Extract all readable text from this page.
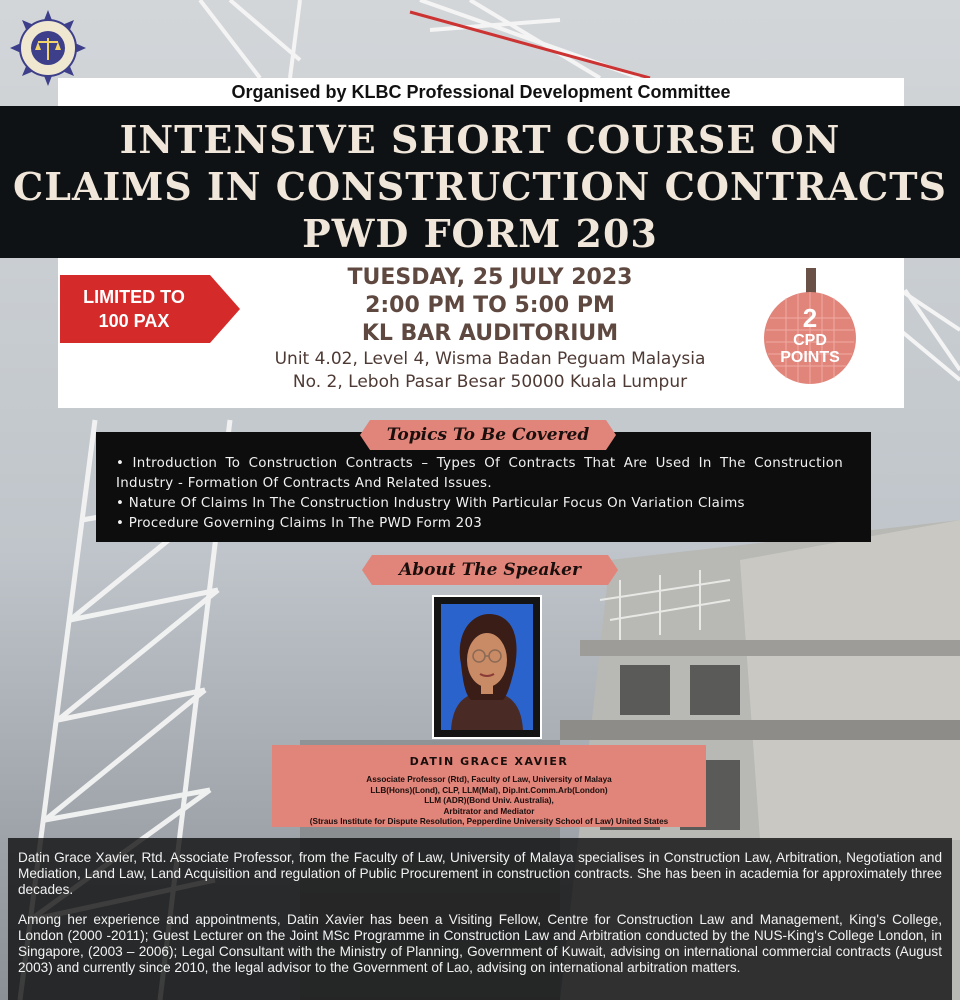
Organised by KLBC Professional Development Committee
INTENSIVE SHORT COURSE ON
CLAIMS IN CONSTRUCTION CONTRACTS
PWD FORM 203
LIMITED TO
100 PAX
TUESDAY, 25 JULY 2023
2:00 PM TO 5:00 PM
KL BAR AUDITORIUM
Unit 4.02, Level 4, Wisma Badan Peguam Malaysia
No. 2, Leboh Pasar Besar 50000 Kuala Lumpur
2
CPD
POINTS

• Introduction To Construction Contracts – Types Of Contracts That Are Used In The Construction Industry - Formation Of Contracts And Related Issues.

• Nature Of Claims In The Construction Industry With Particular Focus On Variation Claims

• Procedure Governing Claims In The PWD Form 203

Topics To Be Covered
About The Speaker
DATIN GRACE XAVIER
Associate Professor (Rtd), Faculty of Law, University of Malaya
LLB(Hons)(Lond), CLP, LLM(Mal), Dip.Int.Comm.Arb(London)
LLM (ADR)(Bond Univ. Australia),
Arbitrator and Mediator
(Straus Institute for Dispute Resolution, Pepperdine University School of Law) United States

Datin Grace Xavier, Rtd. Associate Professor, from the Faculty of Law, University of Malaya specialises in Construction Law, Arbitration, Negotiation and Mediation, Land Law, Land Acquisition and regulation of Public Procurement in construction contracts. She has been in academia for approximately three decades.

Among her experience and appointments, Datin Xavier has been a Visiting Fellow, Centre for Construction Law and Management, King's College, London (2000 -2011); Guest Lecturer on the Joint MSc Programme in Construction Law and Arbitration conducted by the NUS-King's College London, in Singapore, (2003 – 2006); Legal Consultant with the Ministry of Planning, Government of Kuwait, advising on international commercial contracts (August 2003) and currently since 2010, the legal advisor to the Government of Lao, advising on international arbitration matters.
